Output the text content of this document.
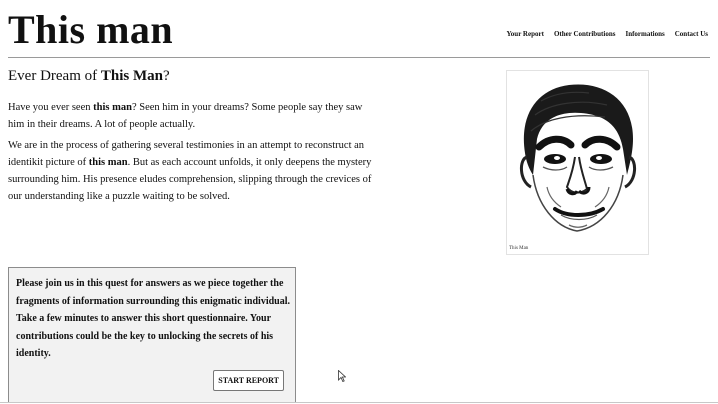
This man	Your Report Other Contributions Informations Contact Us
Ever Dream of This Man?

Have you ever seen this man? Seen him in your dreams? Some people say they saw him in their dreams. A lot of people actually.

We are in the process of gathering several testimonies in an attempt to reconstruct an identikit picture of this man. But as each account unfolds, it only deepens the mystery surrounding him. His presence eludes comprehension, slipping through the crevices of our understanding like a puzzle waiting to be solved.

This Man

Please join us in this quest for answers as we piece together the fragments of information surrounding this enigmatic individual. Take a few minutes to answer this short questionnaire. Your contributions could be the key to unlocking the secrets of his identity.

START REPORT
